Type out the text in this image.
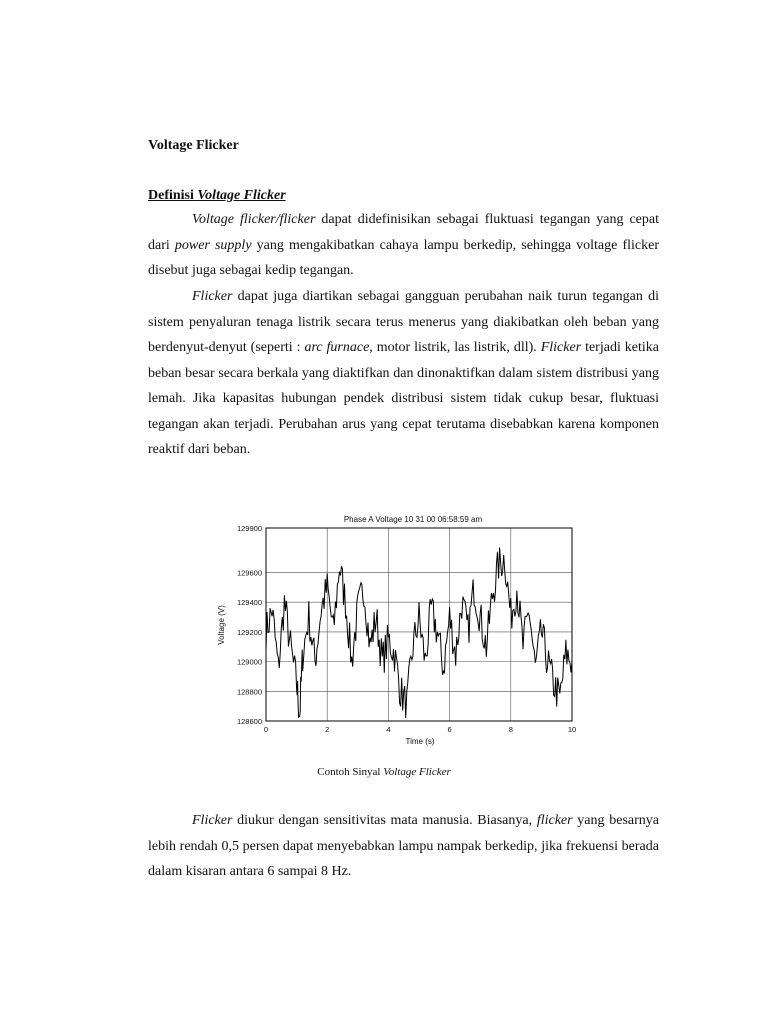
Voltage Flicker
Definisi Voltage Flicker

Voltage flicker/flicker dapat didefinisikan sebagai fluktuasi tegangan yang cepat dari power supply yang mengakibatkan cahaya lampu berkedip, sehingga voltage flicker disebut juga sebagai kedip tegangan.

Flicker dapat juga diartikan sebagai gangguan perubahan naik turun tegangan di sistem penyaluran tenaga listrik secara terus menerus yang diakibatkan oleh beban yang berdenyut-denyut (seperti : arc furnace, motor listrik, las listrik, dll). Flicker terjadi ketika beban besar secara berkala yang diaktifkan dan dinonaktifkan dalam sistem distribusi yang lemah. Jika kapasitas hubungan pendek distribusi sistem tidak cukup besar, fluktuasi tegangan akan terjadi. Perubahan arus yang cepat terutama disebabkan karena komponen reaktif dari beban.

Phase A Voltage 10 31 00 06:58:59 am
Voltage (V)
Time (s)
128600
128800
129000
129200
129400
129600
129900
0	2	4	6	8	10
Contoh Sinyal Voltage Flicker

Flicker diukur dengan sensitivitas mata manusia. Biasanya, flicker yang besarnya lebih rendah 0,5 persen dapat menyebabkan lampu nampak berkedip, jika frekuensi berada dalam kisaran antara 6 sampai 8 Hz.
